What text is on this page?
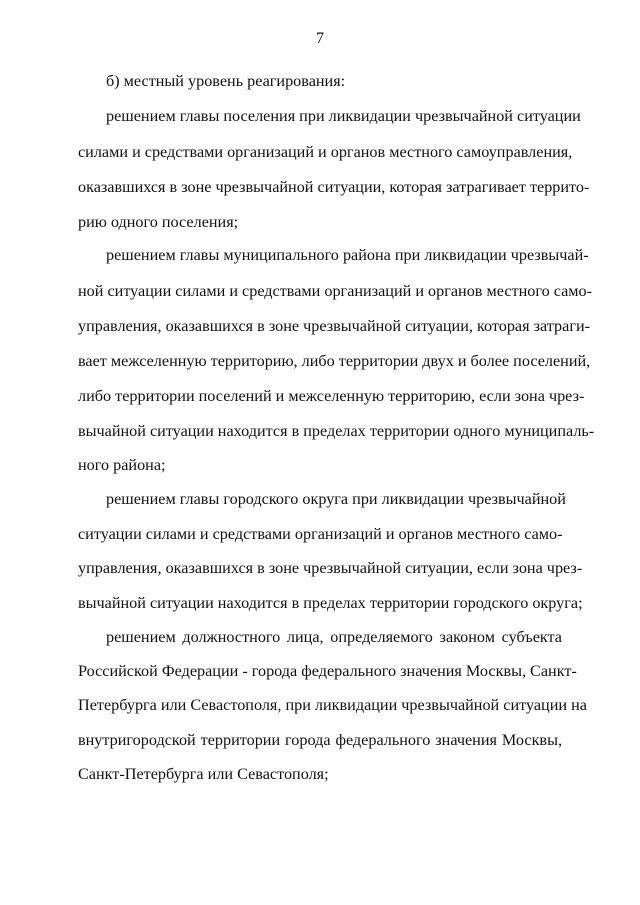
7
б) местный уровень реагирования:
решением главы поселения при ликвидации чрезвычайной ситуации
силами и средствами организаций и органов местного самоуправления,
оказавшихся в зоне чрезвычайной ситуации, которая затрагивает террито-
рию одного поселения;
решением главы муниципального района при ликвидации чрезвычай-
ной ситуации силами и средствами организаций и органов местного само-
управления, оказавшихся в зоне чрезвычайной ситуации, которая затраги-
вает межселенную территорию, либо территории двух и более поселений,
либо территории поселений и межселенную территорию, если зона чрез-
вычайной ситуации находится в пределах территории одного муниципаль-
ного района;
решением главы городского округа при ликвидации чрезвычайной
ситуации силами и средствами организаций и органов местного само-
управления, оказавшихся в зоне чрезвычайной ситуации, если зона чрез-
вычайной ситуации находится в пределах территории городского округа;
решением должностного лица, определяемого законом субъекта
Российской Федерации - города федерального значения Москвы, Санкт-
Петербурга или Севастополя, при ликвидации чрезвычайной ситуации на
внутригородской территории города федерального значения Москвы,
Санкт-Петербурга или Севастополя;
